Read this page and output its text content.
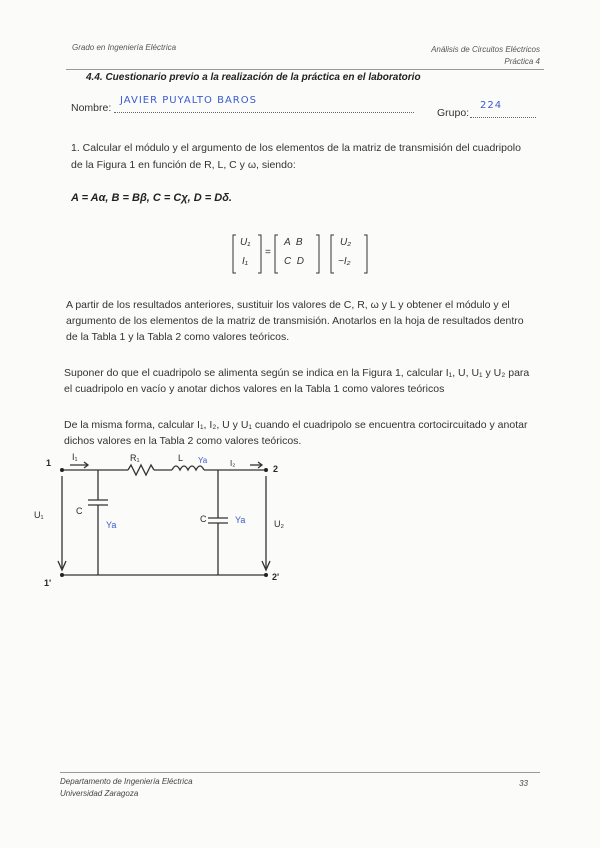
Grado en Ingeniería Eléctrica	Análisis de Circuitos Eléctricos
Práctica 4
4.4. Cuestionario previo a la realización de la práctica en el laboratorio
Nombre:
JAVIER PUYALTO BAROS
Grupo:
224
1. Calcular el módulo y el argumento de los elementos de la matriz de transmisión del cuadripolo
de la Figura 1 en función de R, L, C y ω, siendo:
A = Aα, B = Bβ, C = Cχ, D = Dδ.
U₁
I₁
=
A  B
C  D
U₂
−I₂
A partir de los resultados anteriores, sustituir los valores de C, R, ω y L y obtener el módulo y el
argumento de los elementos de la matriz de transmisión. Anotarlos en la hoja de resultados dentro
de la Tabla 1 y la Tabla 2 como valores teóricos.
Suponer do que el cuadripolo se alimenta según se indica en la Figura 1, calcular I₁, U, U₁ y U₂ para
el cuadripolo en vacío y anotar dichos valores en la Tabla 1 como valores teóricos
De la misma forma, calcular I₁, I₂, U y U₁ cuando el cuadripolo se encuentra cortocircuitado y anotar
dichos valores en la Tabla 2 como valores teóricos.
1
1'
2
2'
I₁
I₂
U₁
U₂
R₁	L
C
C
Ya	Ya
Ya
Departamento de Ingeniería Eléctrica
Universidad Zaragoza
33
